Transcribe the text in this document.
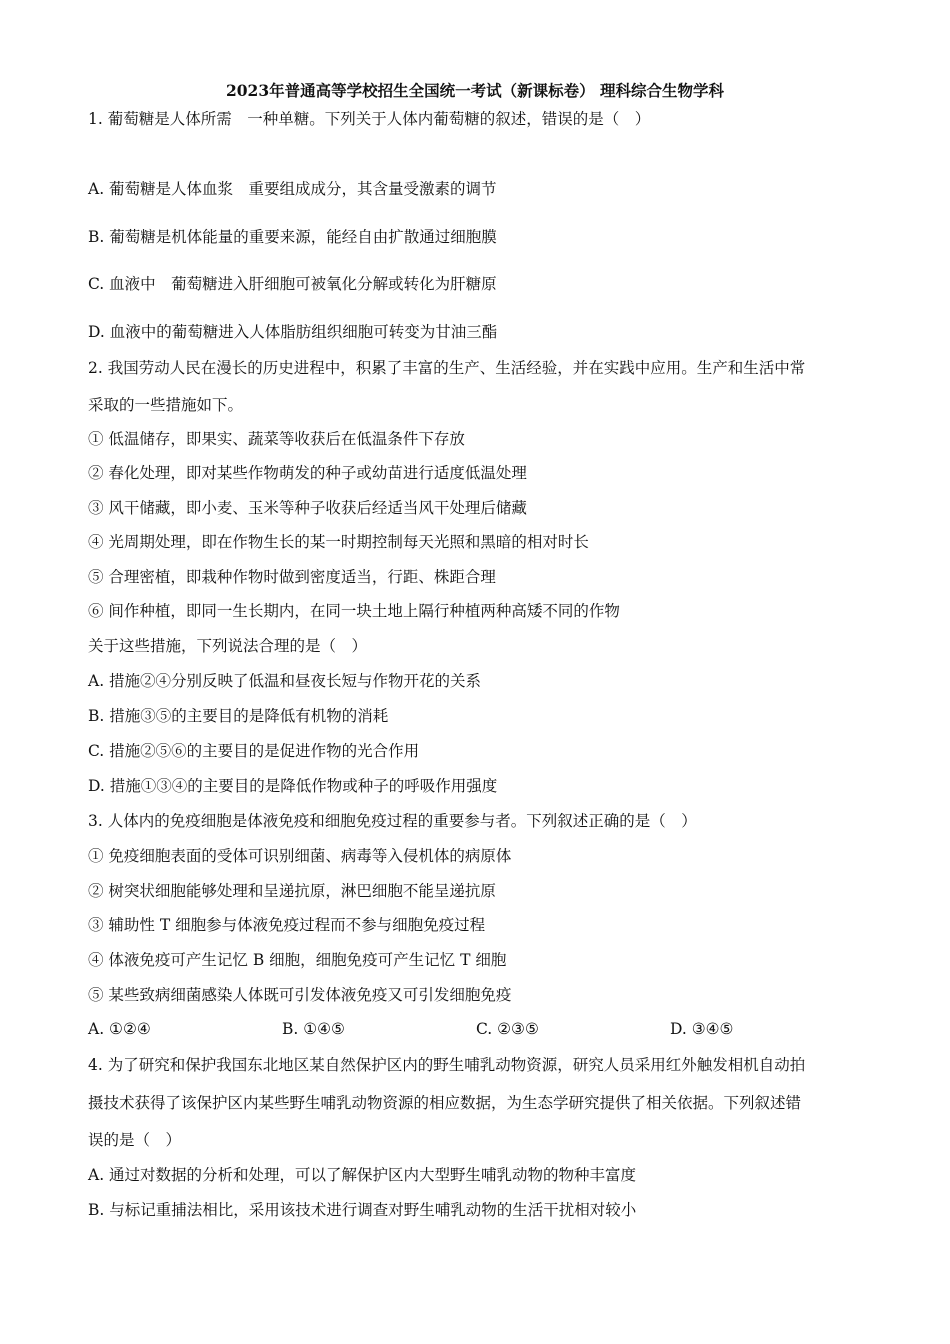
2023年普通高等学校招生全国统一考试（新课标卷） 理科综合生物学科
1. 葡萄糖是人体所需　一种单糖。下列关于人体内葡萄糖的叙述，错误的是（　）
A. 葡萄糖是人体血浆　重要组成成分，其含量受激素的调节
B. 葡萄糖是机体能量的重要来源，能经自由扩散通过细胞膜
C. 血液中　葡萄糖进入肝细胞可被氧化分解或转化为肝糖原
D. 血液中的葡萄糖进入人体脂肪组织细胞可转变为甘油三酯
2. 我国劳动人民在漫长的历史进程中，积累了丰富的生产、生活经验，并在实践中应用。生产和生活中常
采取的一些措施如下。
① 低温储存，即果实、蔬菜等收获后在低温条件下存放
② 春化处理，即对某些作物萌发的种子或幼苗进行适度低温处理
③ 风干储藏，即小麦、玉米等种子收获后经适当风干处理后储藏
④ 光周期处理，即在作物生长的某一时期控制每天光照和黑暗的相对时长
⑤ 合理密植，即栽种作物时做到密度适当，行距、株距合理
⑥ 间作种植，即同一生长期内，在同一块土地上隔行种植两种高矮不同的作物
关于这些措施，下列说法合理的是（　）
A. 措施②④分别反映了低温和昼夜长短与作物开花的关系
B. 措施③⑤的主要目的是降低有机物的消耗
C. 措施②⑤⑥的主要目的是促进作物的光合作用
D. 措施①③④的主要目的是降低作物或种子的呼吸作用强度
3. 人体内的免疫细胞是体液免疫和细胞免疫过程的重要参与者。下列叙述正确的是（　）
① 免疫细胞表面的受体可识别细菌、病毒等入侵机体的病原体
② 树突状细胞能够处理和呈递抗原，淋巴细胞不能呈递抗原
③ 辅助性 T 细胞参与体液免疫过程而不参与细胞免疫过程
④ 体液免疫可产生记忆 B 细胞，细胞免疫可产生记忆 T 细胞
⑤ 某些致病细菌感染人体既可引发体液免疫又可引发细胞免疫
A. ①②④	B. ①④⑤	C. ②③⑤	D. ③④⑤
4. 为了研究和保护我国东北地区某自然保护区内的野生哺乳动物资源，研究人员采用红外触发相机自动拍
摄技术获得了该保护区内某些野生哺乳动物资源的相应数据，为生态学研究提供了相关依据。下列叙述错
误的是（　）
A. 通过对数据的分析和处理，可以了解保护区内大型野生哺乳动物的物种丰富度
B. 与标记重捕法相比，采用该技术进行调查对野生哺乳动物的生活干扰相对较小
